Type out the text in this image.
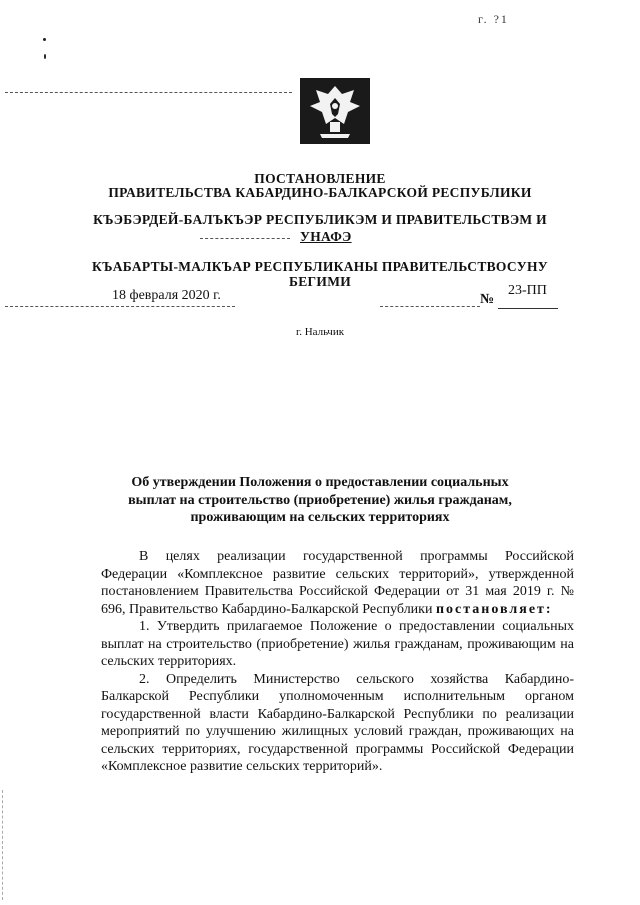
г. ?1
ПОСТАНОВЛЕНИЕ
ПРАВИТЕЛЬСТВА КАБАРДИНО-БАЛКАРСКОЙ РЕСПУБЛИКИ
КЪЭБЭРДЕЙ-БАЛЪКЪЭР РЕСПУБЛИКЭМ И ПРАВИТЕЛЬСТВЭМ И
УНАФЭ
КЪАБАРТЫ-МАЛКЪАР РЕСПУБЛИКАНЫ ПРАВИТЕЛЬСТВОСУНУ
БЕГИМИ
18 февраля 2020 г.	23-ПП
№
г. Нальчик
Об утверждении Положения о предоставлении социальных
выплат на строительство (приобретение) жилья гражданам,
проживающим на сельских территориях

В целях реализации государственной программы Российской Федерации «Комплексное развитие сельских территорий», утвержденной постановлением Правительства Российской Федерации от 31 мая 2019 г. № 696, Правительство Кабардино-Балкарской Республики постановляет:

1. Утвердить прилагаемое Положение о предоставлении социальных выплат на строительство (приобретение) жилья гражданам, проживающим на сельских территориях.

2. Определить Министерство сельского хозяйства Кабардино-Балкарской Республики уполномоченным исполнительным органом государственной власти Кабардино-Балкарской Республики по реализации мероприятий по улучшению жилищных условий граждан, проживающих на сельских территориях, государственной программы Российской Федерации «Комплексное развитие сельских территорий».
